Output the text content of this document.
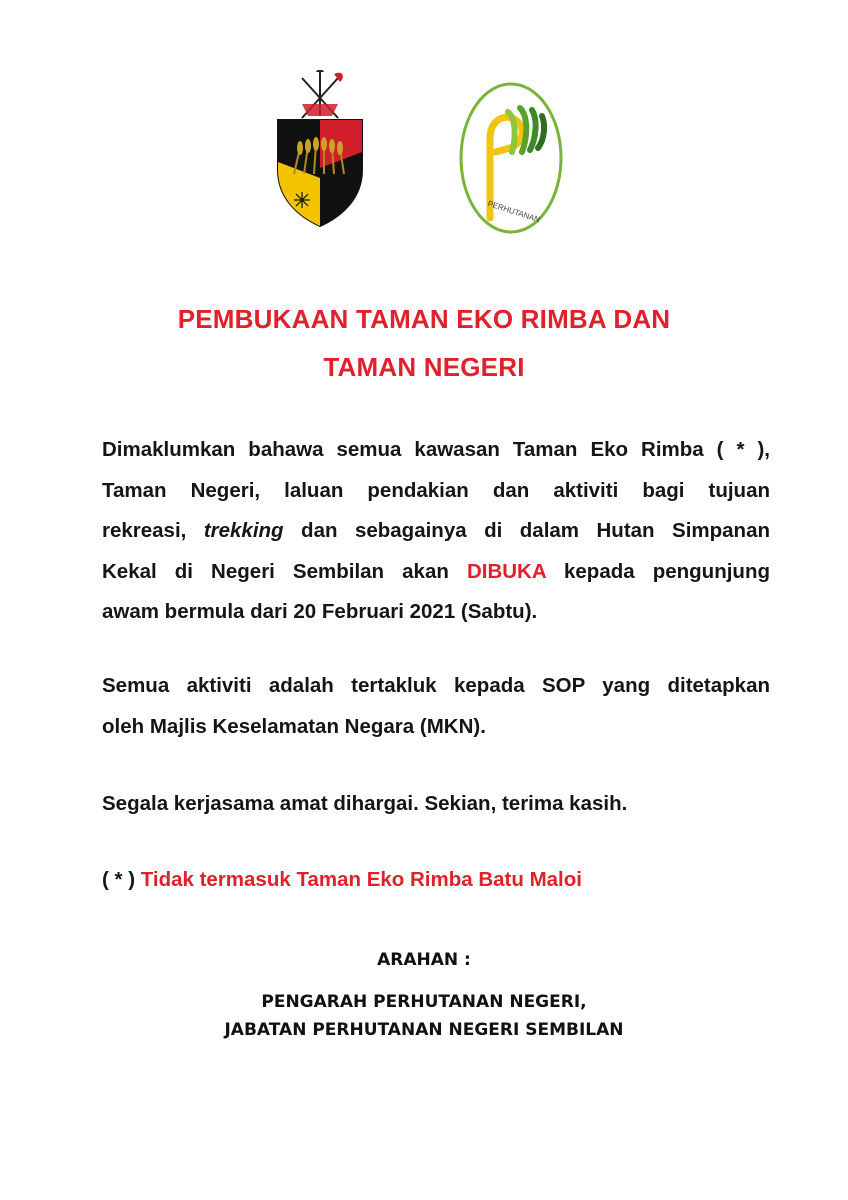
PERHUTANAN
PEMBUKAAN TAMAN EKO RIMBA DAN
TAMAN NEGERI
Dimaklumkan bahawa semua kawasan Taman Eko Rimba ( * ),
Taman Negeri, laluan pendakian dan aktiviti bagi tujuan
rekreasi, trekking dan sebagainya di dalam Hutan Simpanan
Kekal di Negeri Sembilan akan DIBUKA kepada pengunjung
awam bermula dari 20 Februari 2021 (Sabtu).
Semua aktiviti adalah tertakluk kepada SOP yang ditetapkan
oleh Majlis Keselamatan Negara (MKN).
Segala kerjasama amat dihargai. Sekian, terima kasih.
( * ) Tidak termasuk Taman Eko Rimba Batu Maloi
ARAHAN :
PENGARAH PERHUTANAN NEGERI,
JABATAN PERHUTANAN NEGERI SEMBILAN
